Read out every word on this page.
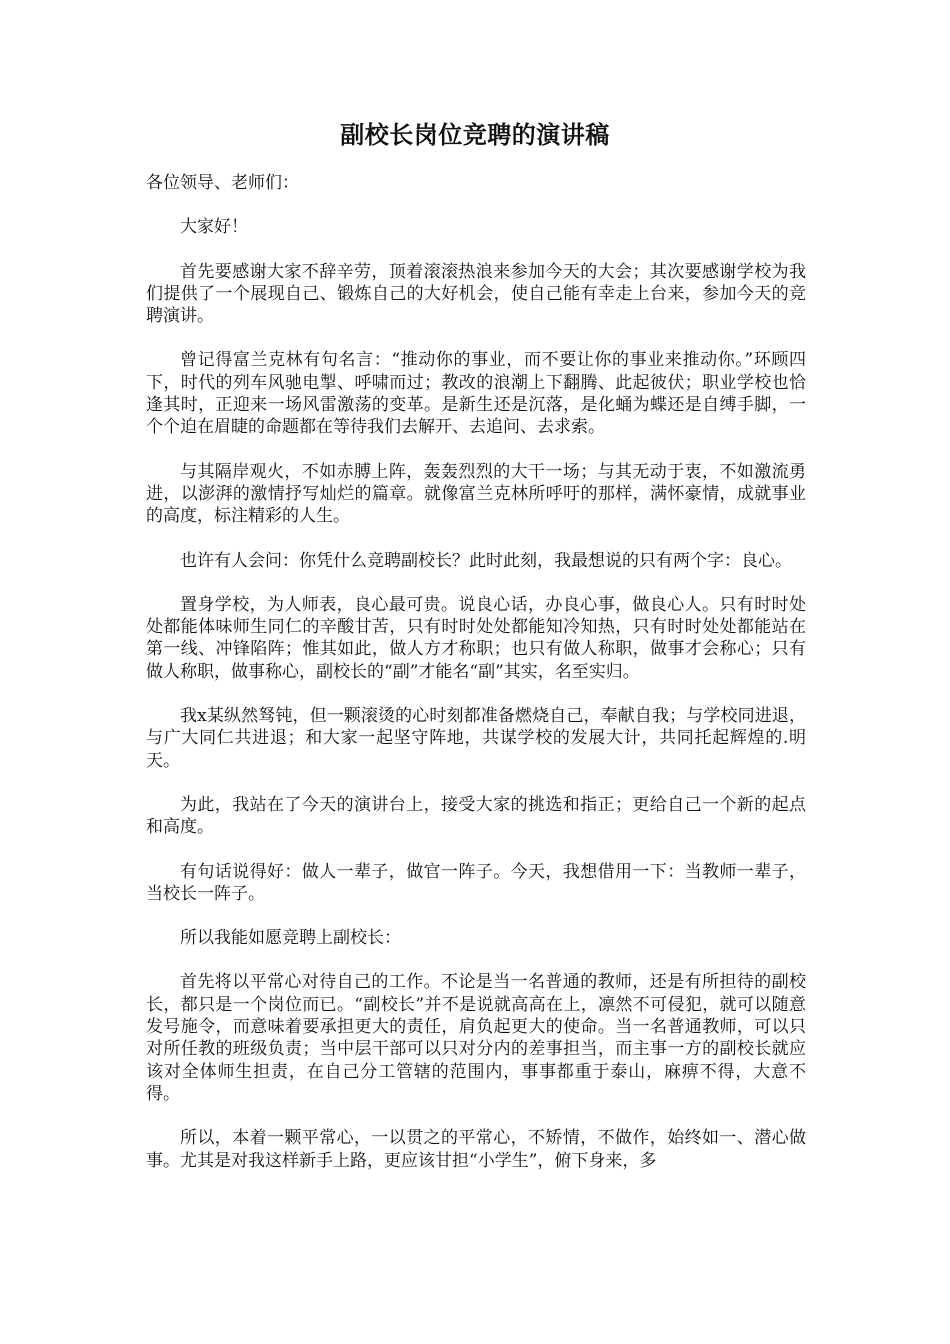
副校长岗位竞聘的演讲稿

各位领导、老师们：

大家好！

首先要感谢大家不辞辛劳，顶着滚滚热浪来参加今天的大会；其次要感谢学校为我们提供了一个展现自己、锻炼自己的大好机会，使自己能有幸走上台来，参加今天的竞聘演讲。

曾记得富兰克林有句名言：“推动你的事业，而不要让你的事业来推动你。”环顾四下，时代的列车风驰电掣、呼啸而过；教改的浪潮上下翻腾、此起彼伏；职业学校也恰逢其时，正迎来一场风雷激荡的变革。是新生还是沉落，是化蛹为蝶还是自缚手脚，一个个迫在眉睫的命题都在等待我们去解开、去追问、去求索。

与其隔岸观火，不如赤膊上阵，轰轰烈烈的大干一场；与其无动于衷，不如激流勇进，以澎湃的激情抒写灿烂的篇章。就像富兰克林所呼吁的那样，满怀豪情，成就事业的高度，标注精彩的人生。

也许有人会问：你凭什么竞聘副校长？此时此刻，我最想说的只有两个字：良心。

置身学校，为人师表，良心最可贵。说良心话，办良心事，做良心人。只有时时处处都能体味师生同仁的辛酸甘苦，只有时时处处都能知冷知热，只有时时处处都能站在第一线、冲锋陷阵；惟其如此，做人方才称职；也只有做人称职，做事才会称心；只有做人称职，做事称心，副校长的“副”才能名“副”其实，名至实归。

我x某纵然驽钝，但一颗滚烫的心时刻都准备燃烧自己，奉献自我；与学校同进退，与广大同仁共进退；和大家一起坚守阵地，共谋学校的发展大计，共同托起辉煌的.明天。

为此，我站在了今天的演讲台上，接受大家的挑选和指正；更给自己一个新的起点和高度。

有句话说得好：做人一辈子，做官一阵子。今天，我想借用一下：当教师一辈子，当校长一阵子。

所以我能如愿竞聘上副校长：

首先将以平常心对待自己的工作。不论是当一名普通的教师，还是有所担待的副校长，都只是一个岗位而已。“副校长”并不是说就高高在上，凛然不可侵犯，就可以随意发号施令，而意味着要承担更大的责任，肩负起更大的使命。当一名普通教师，可以只对所任教的班级负责；当中层干部可以只对分内的差事担当，而主事一方的副校长就应该对全体师生担责，在自己分工管辖的范围内，事事都重于泰山，麻痹不得，大意不得。

所以，本着一颗平常心，一以贯之的平常心，不矫情，不做作，始终如一、潜心做事。尤其是对我这样新手上路，更应该甘担“小学生”，俯下身来，多
